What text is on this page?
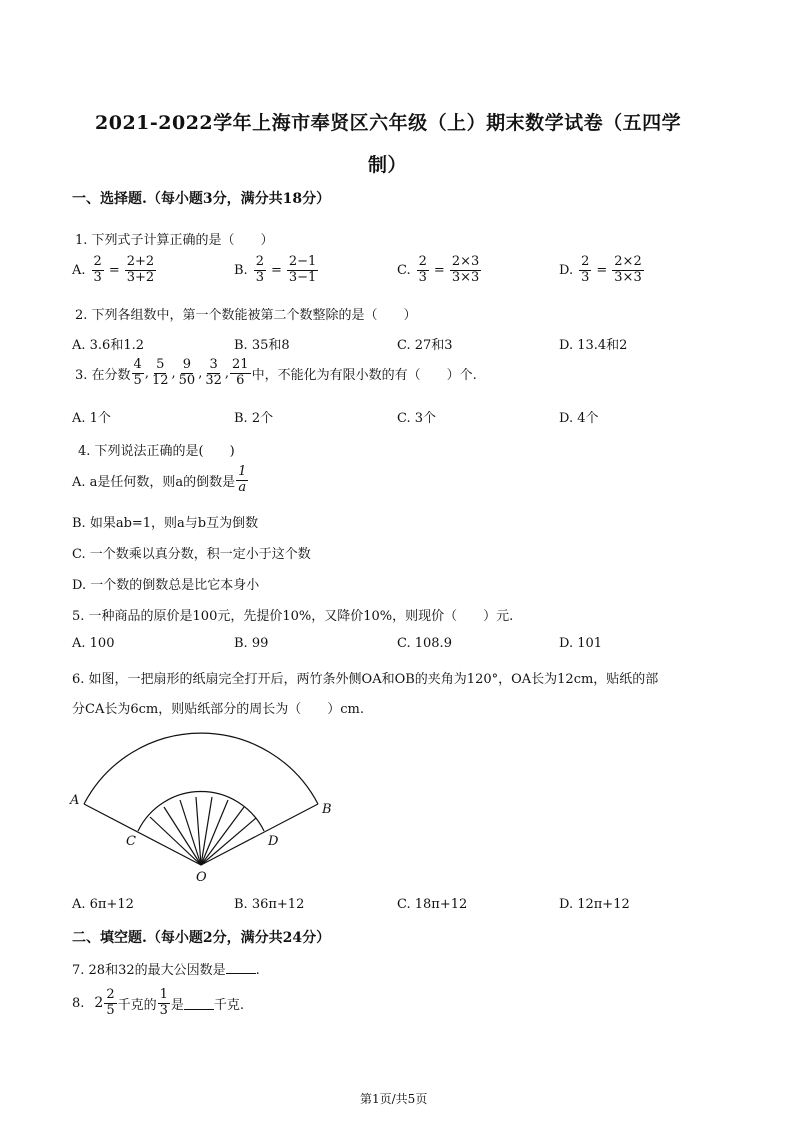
2021-2022学年上海市奉贤区六年级（上）期末数学试卷（五四学
制）
一、选择题.（每小题3分，满分共18分）
1. 下列式子计算正确的是（　　）
A. $\frac{2}{3} = \frac{2+2}{3+2}$	B. $\frac{2}{3} = \frac{2-1}{3-1}$	C. $\frac{2}{3} = \frac{2\times 3}{3\times 3}$	D. $\frac{2}{3} = \frac{2\times 2}{3\times 3}$
2. 下列各组数中，第一个数能被第二个数整除的是（　　）
A. 3.6和1.2	B. 35和8	C. 27和3	D. 13.4和2
3. 在分数 $\frac{4}{5}$ , $\frac{5}{12}$ , $\frac{9}{50}$ , $\frac{3}{32}$ , $\frac{21}{6}$ 中，不能化为有限小数的有（　　）个.
A. 1个	B. 2个	C. 3个	D. 4个
4. 下列说法正确的是(　　)
A. a是任何数，则a的倒数是 $\frac{1}{a}$
B. 如果ab=1，则a与b互为倒数
C. 一个数乘以真分数，积一定小于这个数
D. 一个数的倒数总是比它本身小
5. 一种商品的原价是100元，先提价10%，又降价10%，则现价（　　）元.
A. 100	B. 99	C. 108.9	D. 101
6. 如图，一把扇形的纸扇完全打开后，两竹条外侧OA和OB的夹角为120°，OA长为12cm，贴纸的部
分CA长为6cm，则贴纸部分的周长为（　　）cm.
A
B
C	D
O
A. 6π+12	B. 36π+12	C. 18π+12	D. 12π+12
二、填空题.（每小题2分，满分共24分）
7. 28和32的最大公因数是 .
8. $2 \frac{2}{5}$ 千克的 $\frac{1}{3}$ 是 千克.
第1页/共5页
